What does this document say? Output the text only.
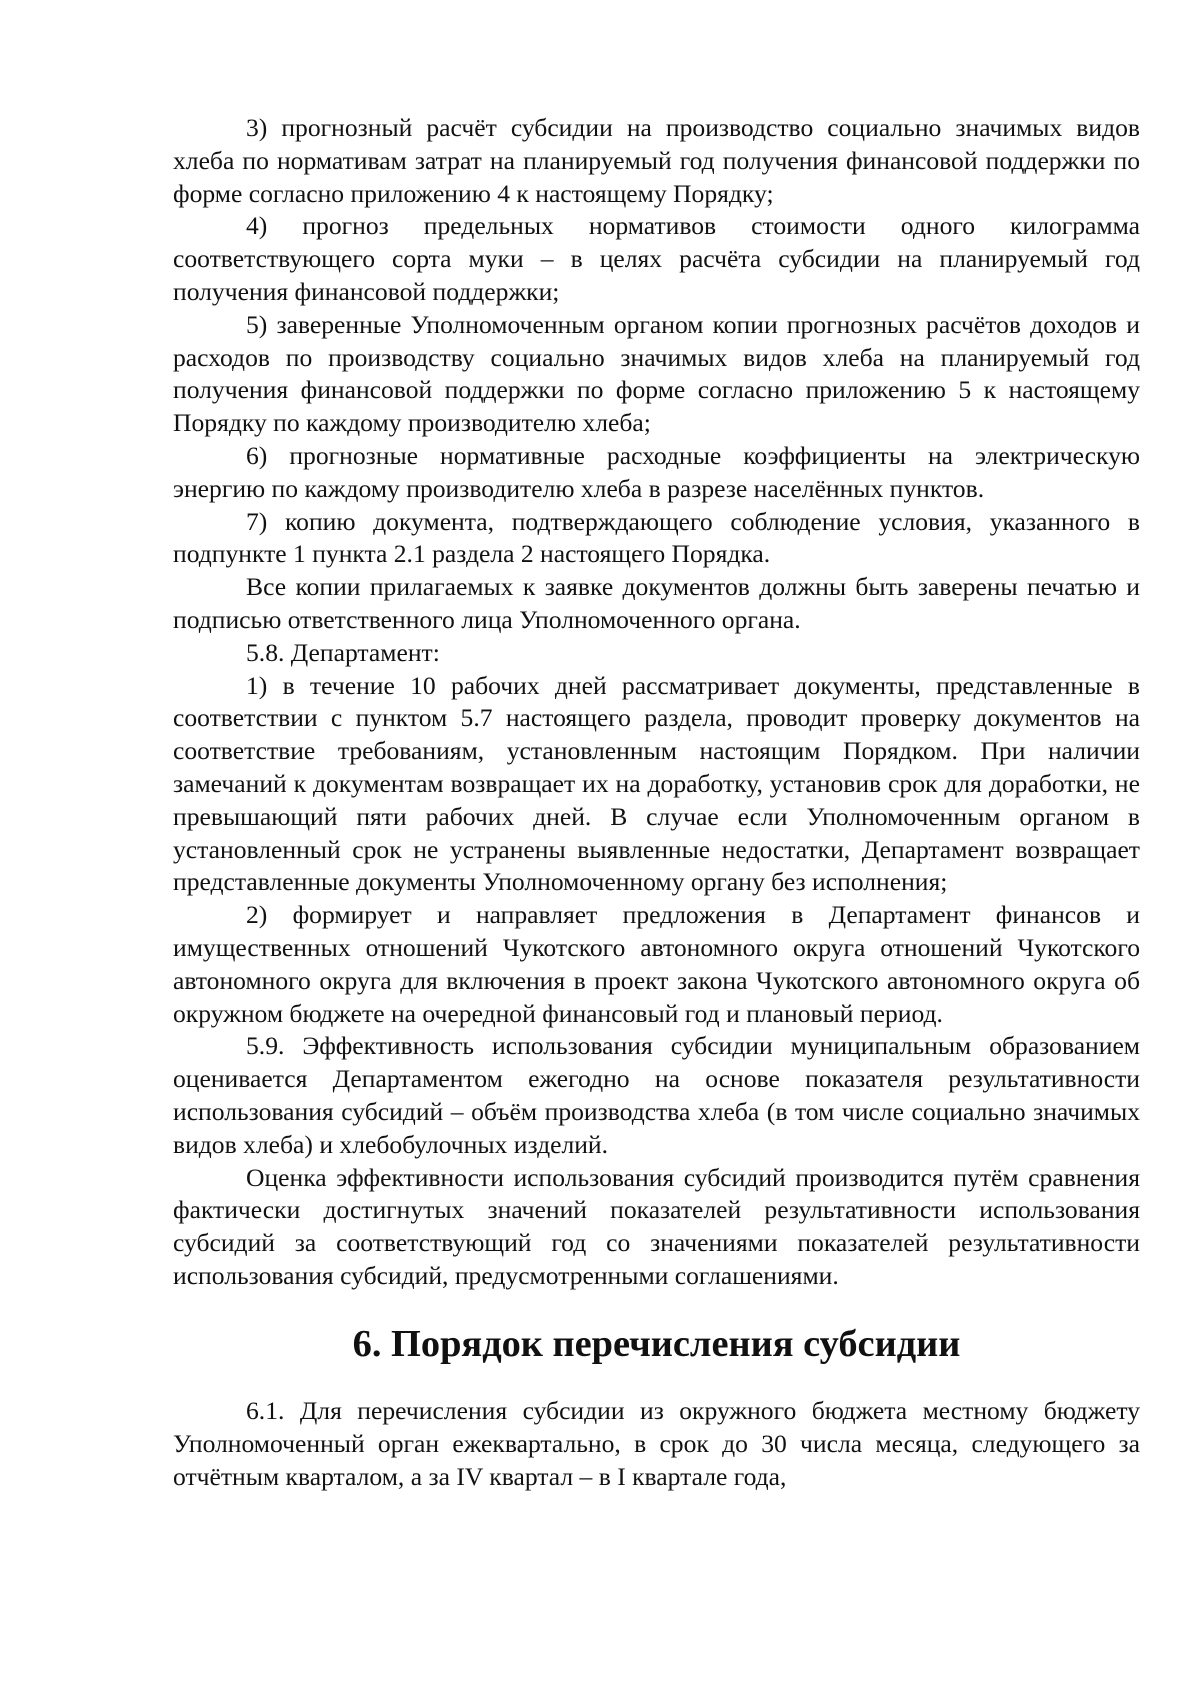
3) прогнозный расчёт субсидии на производство социально значимых видов хлеба по нормативам затрат на планируемый год получения финансовой поддержки по форме согласно приложению 4 к настоящему Порядку;

4) прогноз предельных нормативов стоимости одного килограмма соответствующего сорта муки – в целях расчёта субсидии на планируемый год получения финансовой поддержки;

5) заверенные Уполномоченным органом копии прогнозных расчётов доходов и расходов по производству социально значимых видов хлеба на планируемый год получения финансовой поддержки по форме согласно приложению 5 к настоящему Порядку по каждому производителю хлеба;

6) прогнозные нормативные расходные коэффициенты на электрическую энергию по каждому производителю хлеба в разрезе населённых пунктов.

7) копию документа, подтверждающего соблюдение условия, указанного в подпункте 1 пункта 2.1 раздела 2 настоящего Порядка.

Все копии прилагаемых к заявке документов должны быть заверены печатью и подписью ответственного лица Уполномоченного органа.

5.8. Департамент:

1) в течение 10 рабочих дней рассматривает документы, представленные в соответствии с пунктом 5.7 настоящего раздела, проводит проверку документов на соответствие требованиям, установленным настоящим Порядком. При наличии замечаний к документам возвращает их на доработку, установив срок для доработки, не превышающий пяти рабочих дней. В случае если Уполномоченным органом в установленный срок не устранены выявленные недостатки, Департамент возвращает представленные документы Уполномоченному органу без исполнения;

2) формирует и направляет предложения в Департамент финансов и имущественных отношений Чукотского автономного округа отношений Чукотского автономного округа для включения в проект закона Чукотского автономного округа об окружном бюджете на очередной финансовый год и плановый период.

5.9. Эффективность использования субсидии муниципальным образованием оценивается Департаментом ежегодно на основе показателя результативности использования субсидий – объём производства хлеба (в том числе социально значимых видов хлеба) и хлебобулочных изделий.

Оценка эффективности использования субсидий производится путём сравнения фактически достигнутых значений показателей результативности использования субсидий за соответствующий год со значениями показателей результативности использования субсидий, предусмотренными соглашениями.

6. Порядок перечисления субсидии

6.1. Для перечисления субсидии из окружного бюджета местному бюджету Уполномоченный орган ежеквартально, в срок до 30 числа месяца, следующего за отчётным кварталом, а за IV квартал – в I квартале года,
